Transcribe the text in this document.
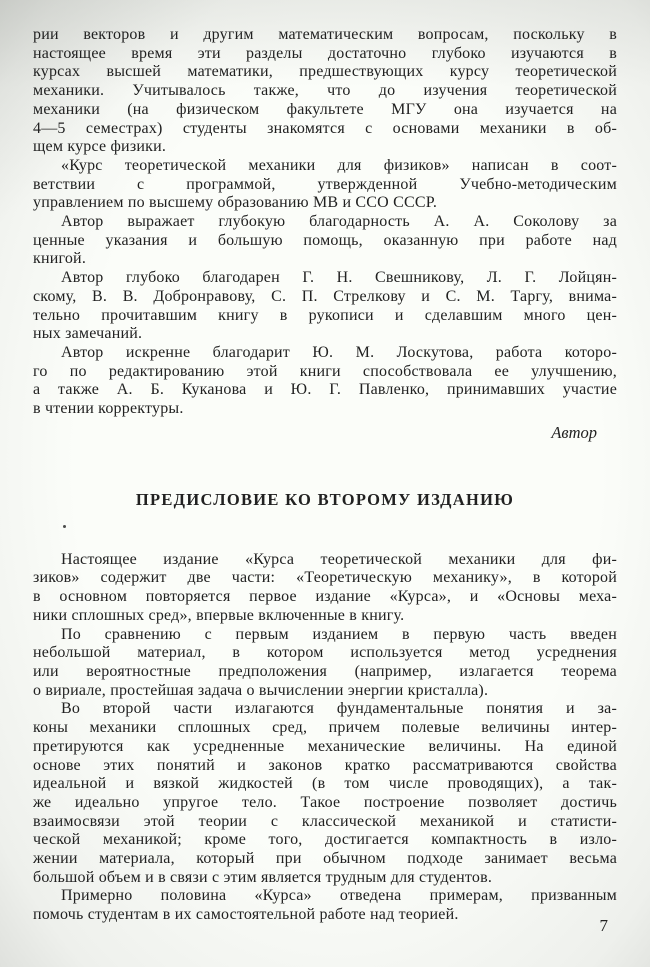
рии векторов и другим математическим вопросам, поскольку в
настоящее время эти разделы достаточно глубоко изучаются в
курсах высшей математики, предшествующих курсу теоретической
механики. Учитывалось также, что до изучения теоретической
механики (на физическом факультете МГУ она изучается на
4—5 семестрах) студенты знакомятся с основами механики в об-
щем курсе физики.
«Курс теоретической механики для физиков» написан в соот-
ветствии с программой, утвержденной Учебно-методическим
управлением по высшему образованию МВ и ССО СССР.
Автор выражает глубокую благодарность А. А. Соколову за
ценные указания и большую помощь, оказанную при работе над
книгой.
Автор глубоко благодарен Г. Н. Свешникову, Л. Г. Лойцян-
скому, В. В. Добронравову, С. П. Стрелкову и С. М. Таргу, внима-
тельно прочитавшим книгу в рукописи и сделавшим много цен-
ных замечаний.
Автор искренне благодарит Ю. М. Лоскутова, работа которо-
го по редактированию этой книги способствовала ее улучшению,
а также А. Б. Куканова и Ю. Г. Павленко, принимавших участие
в чтении корректуры.
Автор
ПРЕДИСЛОВИЕ КО ВТОРОМУ ИЗДАНИЮ
Настоящее издание «Курса теоретической механики для фи-
зиков» содержит две части: «Теоретическую механику», в которой
в основном повторяется первое издание «Курса», и «Основы меха-
ники сплошных сред», впервые включенные в книгу.
По сравнению с первым изданием в первую часть введен
небольшой материал, в котором используется метод усреднения
или вероятностные предположения (например, излагается теорема
о вириале, простейшая задача о вычислении энергии кристалла).
Во второй части излагаются фундаментальные понятия и за-
коны механики сплошных сред, причем полевые величины интер-
претируются как усредненные механические величины. На единой
основе этих понятий и законов кратко рассматриваются свойства
идеальной и вязкой жидкостей (в том числе проводящих), а так-
же идеально упругое тело. Такое построение позволяет достичь
взаимосвязи этой теории с классической механикой и статисти-
ческой механикой; кроме того, достигается компактность в изло-
жении материала, который при обычном подходе занимает весьма
большой объем и в связи с этим является трудным для студентов.
Примерно половина «Курса» отведена примерам, призванным
помочь студентам в их самостоятельной работе над теорией.
7
